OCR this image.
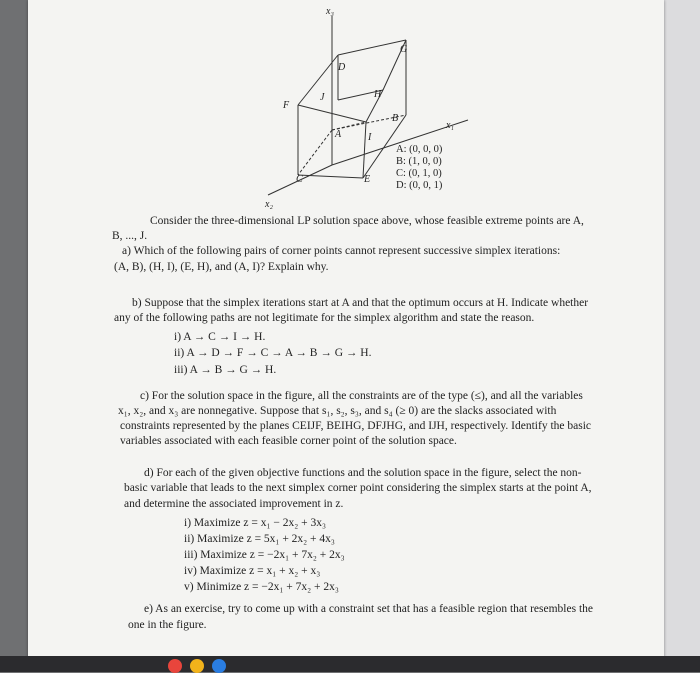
x₃
x₁
x₂
D
G
H
F
J
A	I
B
C	E
A: (0, 0, 0)
B: (1, 0, 0)
C: (0, 1, 0)
D: (0, 0, 1)
Consider the three-dimensional LP solution space above, whose feasible extreme points are A,
B, ..., J.
a) Which of the following pairs of corner points cannot represent successive simplex iterations:
(A, B), (H, I), (E, H), and (A, I)? Explain why.
b) Suppose that the simplex iterations start at A and that the optimum occurs at H. Indicate whether
any of the following paths are not legitimate for the simplex algorithm and state the reason.
i) A → C → I → H.
ii) A → D → F → C → A → B → G → H.
iii) A → B → G → H.
c) For the solution space in the figure, all the constraints are of the type (≤), and all the variables
x₁, x₂, and x₃ are nonnegative. Suppose that s₁, s₂, s₃, and s₄ (≥ 0) are the slacks associated with
constraints represented by the planes CEIJF, BEIHG, DFJHG, and IJH, respectively. Identify the basic
variables associated with each feasible corner point of the solution space.
d) For each of the given objective functions and the solution space in the figure, select the non-
basic variable that leads to the next simplex corner point considering the simplex starts at the point A,
and determine the associated improvement in z.
i) Maximize z = x₁ − 2x₂ + 3x₃
ii) Maximize z = 5x₁ + 2x₂ + 4x₃
iii) Maximize z = −2x₁ + 7x₂ + 2x₃
iv) Maximize z = x₁ + x₂ + x₃
v) Minimize z = −2x₁ + 7x₂ + 2x₃
e) As an exercise, try to come up with a constraint set that has a feasible region that resembles the
one in the figure.
